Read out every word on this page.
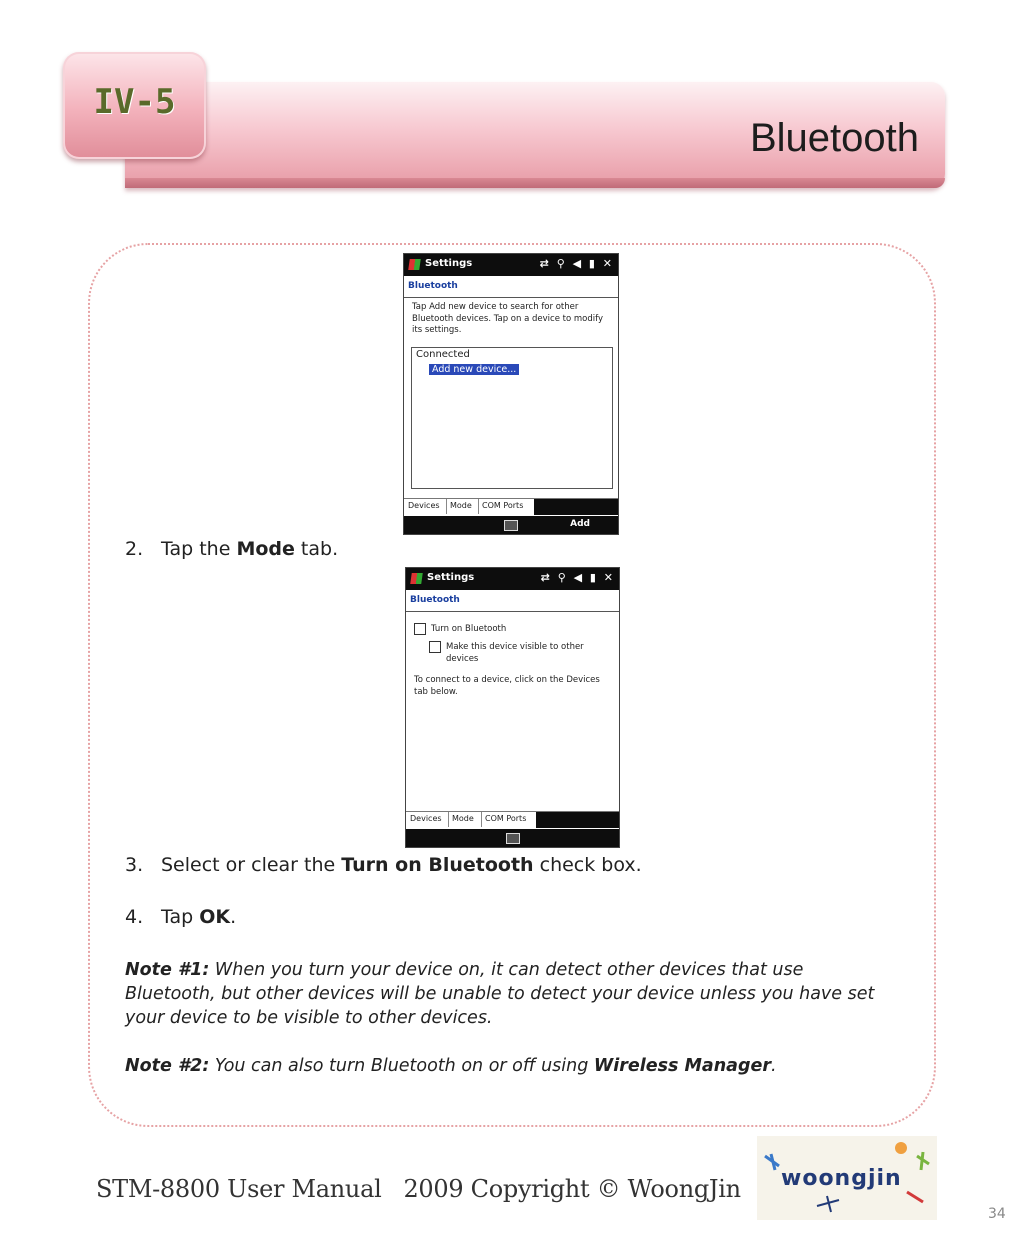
Bluetooth
IV-5
Settings	⇄ ⚲ ◀ ▮ ✕
Bluetooth
Tap Add new device to search for other Bluetooth devices. Tap on a device to modify its settings.
Connected
Add new device...
Devices Mode COM Ports
Add
2. Tap the Mode tab.
Settings	⇄ ⚲ ◀ ▮ ✕
Bluetooth
Turn on Bluetooth
Make this device visible to other devices
To connect to a device, click on the Devices tab below.
Devices Mode COM Ports
3. Select or clear the Turn on Bluetooth check box.
4. Tap OK.
Note #1: When you turn your device on, it can detect other devices that use Bluetooth, but other devices will be unable to detect your device unless you have set your device to be visible to other devices.
Note #2: You can also turn Bluetooth on or off using Wireless Manager.
STM-8800 User Manual   2009 Copyright © WoongJin woongjin
34
